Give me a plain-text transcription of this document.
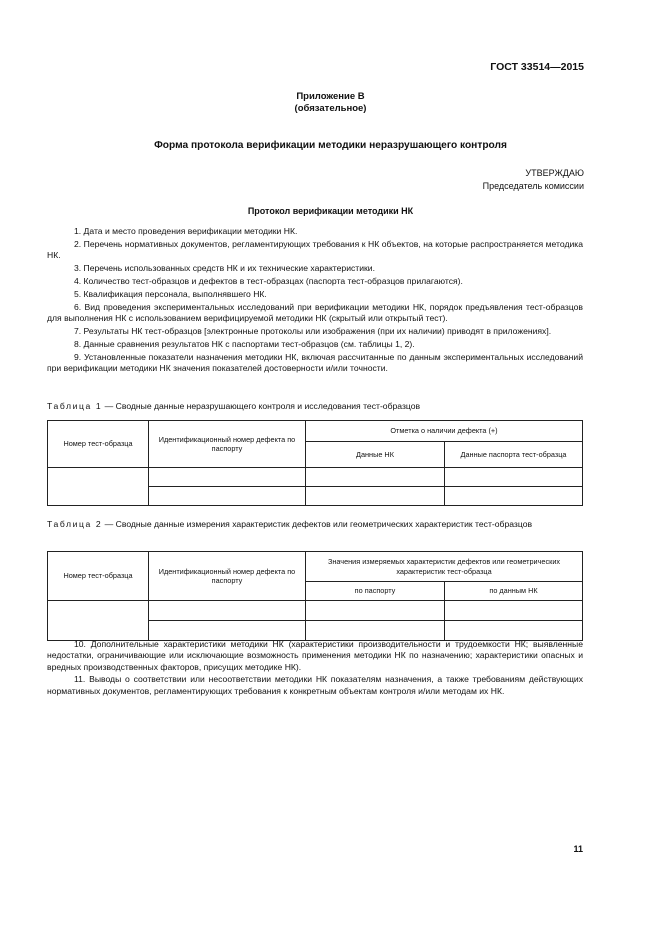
ГОСТ 33514—2015
Приложение В
(обязательное)
Форма протокола верификации методики неразрушающего контроля
УТВЕРЖДАЮ
Председатель комиссии
Протокол верификации методики НК

1. Дата и место проведения верификации методики НК.

2. Перечень нормативных документов, регламентирующих требования к НК объектов, на которые распространяется методика НК.

3. Перечень использованных средств НК и их технические характеристики.

4. Количество тест-образцов и дефектов в тест-образцах (паспорта тест-образцов прилагаются).

5. Квалификация персонала, выполнявшего НК.

6. Вид проведения экспериментальных исследований при верификации методики НК, порядок предъявления тест-образцов для выполнения НК с использованием верифицируемой методики НК (скрытый или открытый тест).

7. Результаты НК тест-образцов [электронные протоколы или изображения (при их наличии) приводят в приложениях].

8. Данные сравнения результатов НК с паспортами тест-образцов (см. таблицы 1, 2).

9. Установленные показатели назначения методики НК, включая рассчитанные по данным экспериментальных исследований при верификации методики НК значения показателей достоверности и/или точности.

Таблица 1 — Сводные данные неразрушающего контроля и исследования тест-образцов
Номер тест-образца	Идентификационный номер дефекта по паспорту	Отметка о наличии дефекта (+)	
		Данные НК	Данные паспорта тест-образца

Таблица 2 — Сводные данные измерения характеристик дефектов или геометрических характеристик тест-образцов
Номер тест-образца	Идентификационный номер дефекта по паспорту	Значения измеряемых характеристик дефектов или геометрических характеристик тест-образца	
		по паспорту	по данным НК

10. Дополнительные характеристики методики НК (характеристики производительности и трудоемкости НК; выявленные недостатки, ограничивающие или исключающие возможность применения методики НК по назначению; характеристики опасных и вредных производственных факторов, присущих методике НК).

11. Выводы о соответствии или несоответствии методики НК показателям назначения, а также требованиям действующих нормативных документов, регламентирующих требования к конкретным объектам контроля и/или методам их НК.

11
